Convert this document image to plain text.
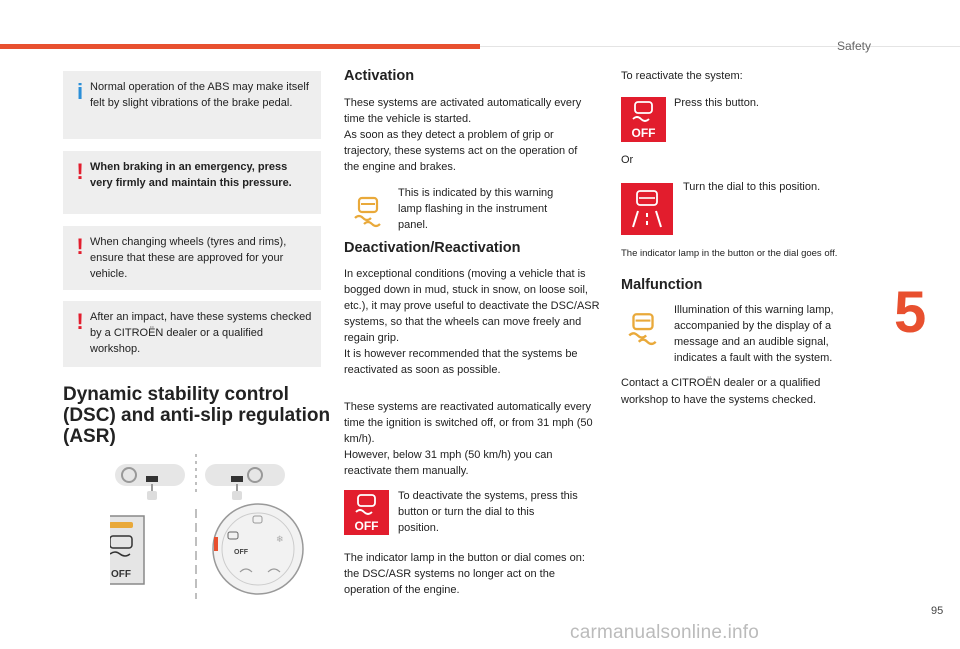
Safety
5
95
carmanualsonline.info
i Normal operation of the ABS may make itself felt by slight vibrations of the brake pedal.
! When braking in an emergency, press very firmly and maintain this pressure.
! When changing wheels (tyres and rims), ensure that these are approved for your vehicle.
! After an impact, have these systems checked by a CITROËN dealer or a qualified workshop.
Dynamic stability control (DSC) and anti-slip regulation (ASR)
OFF
OFF
❄
Activation
These systems are activated automatically every time the vehicle is started.
As soon as they detect a problem of grip or trajectory, these systems act on the operation of the engine and brakes.
This is indicated by this warning lamp flashing in the instrument panel.
Deactivation/Reactivation
In exceptional conditions (moving a vehicle that is bogged down in mud, stuck in snow, on loose soil, etc.), it may prove useful to deactivate the DSC/ASR systems, so that the wheels can move freely and regain grip.
It is however recommended that the systems be reactivated as soon as possible.
These systems are reactivated automatically every time the ignition is switched off, or from 31 mph (50 km/h).
However, below 31 mph (50 km/h) you can reactivate them manually.
OFF
To deactivate the systems, press this button or turn the dial to this position.
The indicator lamp in the button or dial comes on: the DSC/ASR systems no longer act on the operation of the engine.
To reactivate the system:
OFF
Press this button.
Or
Turn the dial to this position.
The indicator lamp in the button or the dial goes off.
Malfunction
Illumination of this warning lamp, accompanied by the display of a message and an audible signal, indicates a fault with the system.
Contact a CITROËN dealer or a qualified workshop to have the systems checked.
